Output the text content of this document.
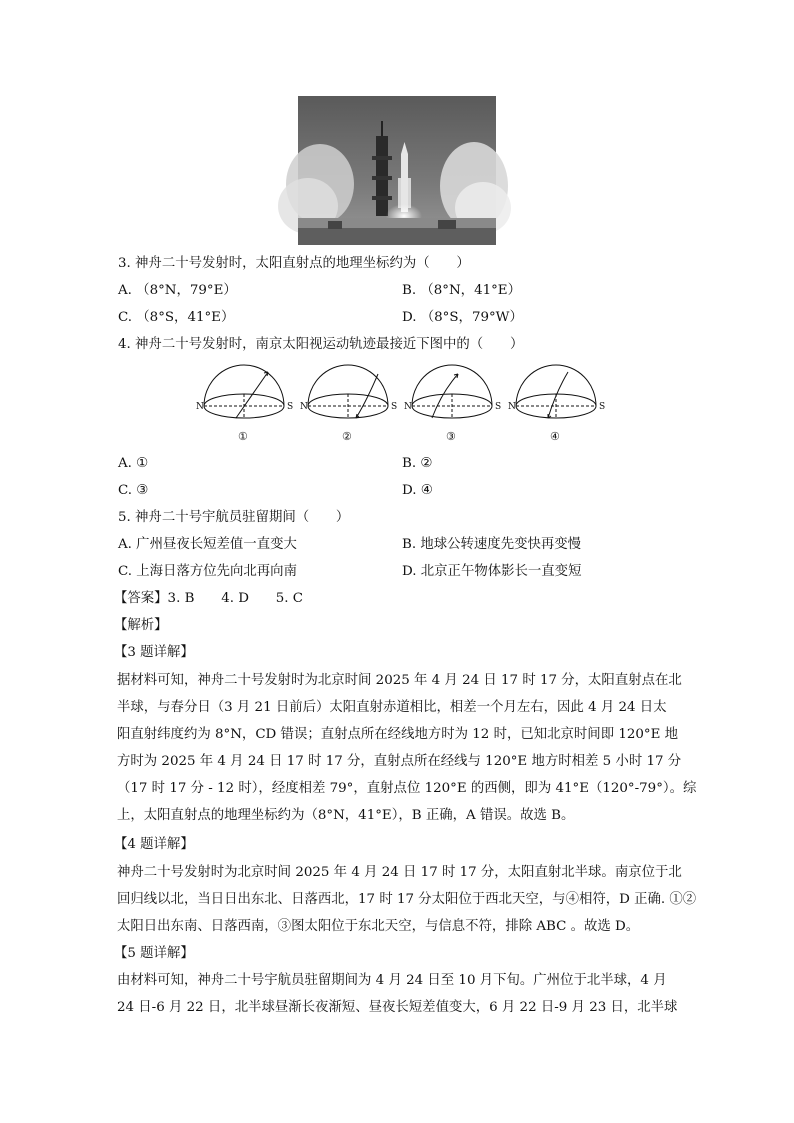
3. 神舟二十号发射时，太阳直射点的地理坐标约为（　　）
A. （8°N，79°E）	B. （8°N，41°E）
C. （8°S，41°E）	D. （8°S，79°W）
4. 神舟二十号发射时，南京太阳视运动轨迹最接近下图中的（　　）
N	S
①
N	S
②
N	S
③
N	S
④
A. ①	B. ②
C. ③	D. ④
5. 神舟二十号宇航员驻留期间（　　）
A. 广州昼夜长短差值一直变大	B. 地球公转速度先变快再变慢
C. 上海日落方位先向北再向南	D. 北京正午物体影长一直变短
【答案】3. B　　4. D　　5. C
【解析】
【3 题详解】
据材料可知，神舟二十号发射时为北京时间 2025 年 4 月 24 日 17 时 17 分，太阳直射点在北
半球，与春分日（3 月 21 日前后）太阳直射赤道相比，相差一个月左右，因此 4 月 24 日太
阳直射纬度约为 8°N，CD 错误；直射点所在经线地方时为 12 时，已知北京时间即 120°E 地
方时为 2025 年 4 月 24 日 17 时 17 分，直射点所在经线与 120°E 地方时相差 5 小时 17 分
（17 时 17 分 - 12 时），经度相差 79°，直射点位 120°E 的西侧，即为 41°E（120°-79°）。综
上，太阳直射点的地理坐标约为（8°N，41°E），B 正确，A 错误。故选 B。
【4 题详解】
神舟二十号发射时为北京时间 2025 年 4 月 24 日 17 时 17 分，太阳直射北半球。南京位于北
回归线以北，当日日出东北、日落西北，17 时 17 分太阳位于西北天空，与④相符，D 正确. ①②
太阳日出东南、日落西南，③图太阳位于东北天空，与信息不符，排除 ABC 。故选 D。
【5 题详解】
由材料可知，神舟二十号宇航员驻留期间为 4 月 24 日至 10 月下旬。广州位于北半球，4 月
24 日-6 月 22 日，北半球昼渐长夜渐短、昼夜长短差值变大，6 月 22 日-9 月 23 日，北半球
